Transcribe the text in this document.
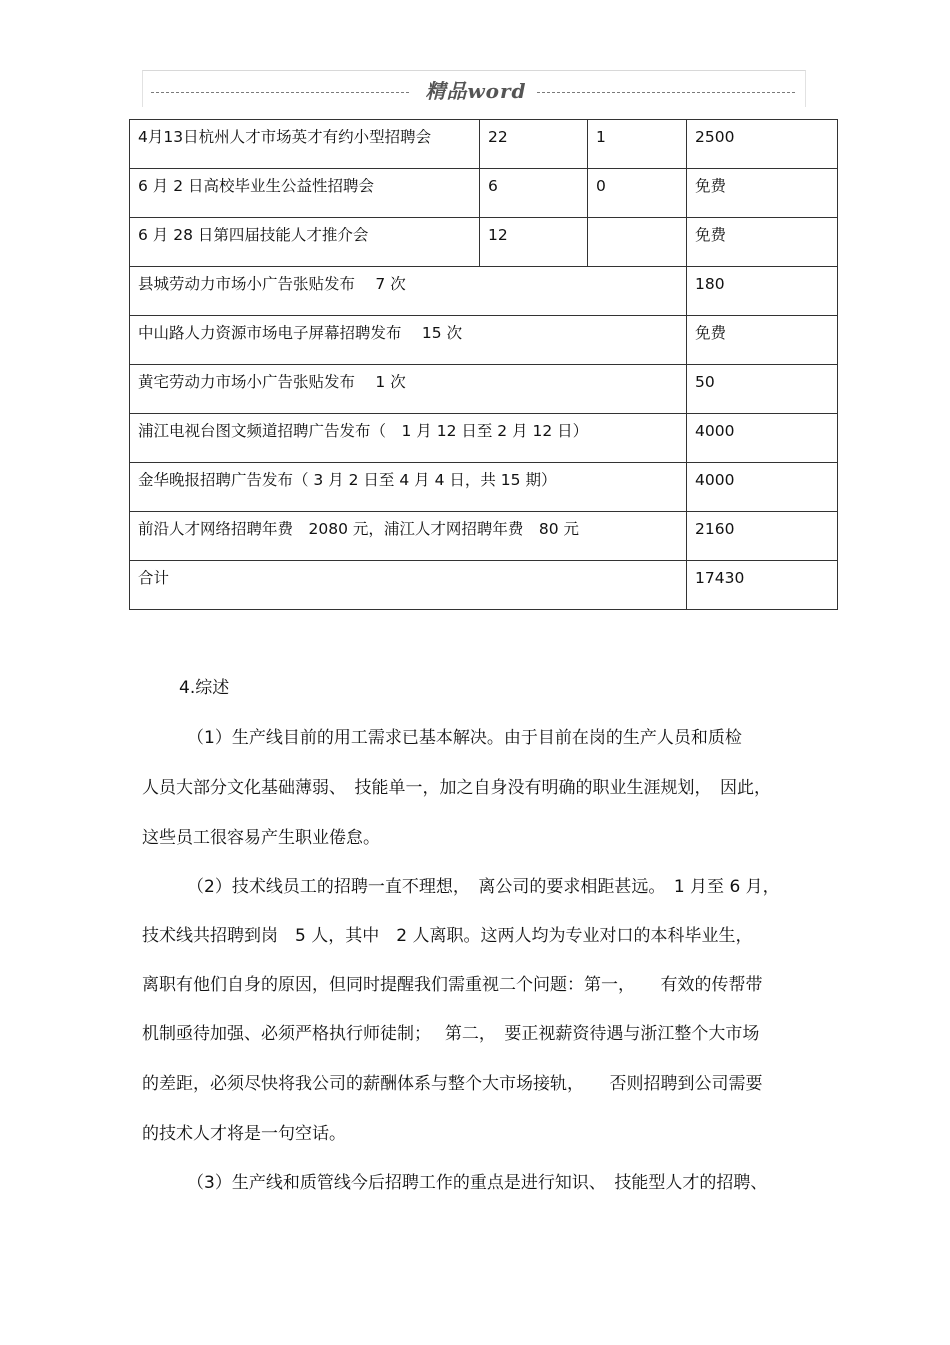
精品word
4月13日杭州人才市场英才有约小型招聘会	22	1	2500
6 月 2 日高校毕业生公益性招聘会	6	0	免费
6 月 28 日第四届技能人才推介会	12		免费
县城劳动力市场小广告张贴发布　 7 次			180
中山路人力资源市场电子屏幕招聘发布　 15 次			免费
黄宅劳动力市场小广告张贴发布　 1 次			50
浦江电视台图文频道招聘广告发布（　1 月 12 日至 2 月 12 日）			4000
金华晚报招聘广告发布（ 3 月 2 日至 4 月 4 日，共 15 期）			4000
前沿人才网络招聘年费　2080 元，浦江人才网招聘年费　80 元			2160
合计			17430
4.综述
（1）生产线目前的用工需求已基本解决。由于目前在岗的生产人员和质检
人员大部分文化基础薄弱、　技能单一，加之自身没有明确的职业生涯规划，　因此，
这些员工很容易产生职业倦怠。
（2）技术线员工的招聘一直不理想，　离公司的要求相距甚远。　1 月至 6 月，
技术线共招聘到岗　5 人，其中　2 人离职。这两人均为专业对口的本科毕业生，
离职有他们自身的原因，但同时提醒我们需重视二个问题：第一，　　有效的传帮带
机制亟待加强、必须严格执行师徒制；　 第二，　要正视薪资待遇与浙江整个大市场
的差距，必须尽快将我公司的薪酬体系与整个大市场接轨，　　否则招聘到公司需要
的技术人才将是一句空话。
（3）生产线和质管线今后招聘工作的重点是进行知识、　技能型人才的招聘、
